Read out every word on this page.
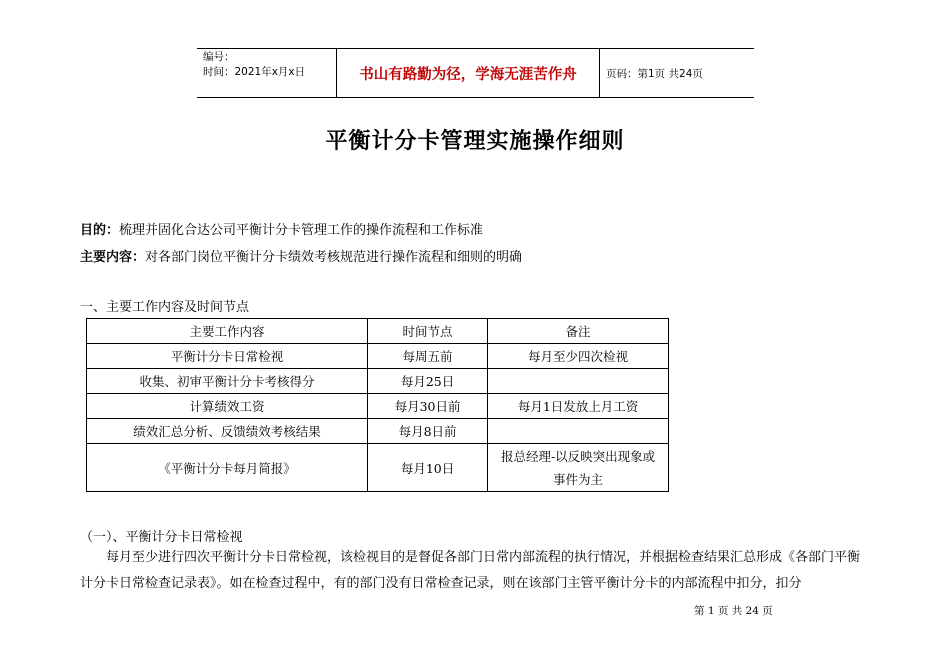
编号：
时间：2021年x月x日	书山有路勤为径，学海无涯苦作舟	页码：第1页 共24页
平衡计分卡管理实施操作细则
目的：梳理并固化合达公司平衡计分卡管理工作的操作流程和工作标准
主要内容：对各部门岗位平衡计分卡绩效考核规范进行操作流程和细则的明确
一、主要工作内容及时间节点
主要工作内容	时间节点	备注
平衡计分卡日常检视	每周五前	每月至少四次检视
收集、初审平衡计分卡考核得分	每月25日	
计算绩效工资	每月30日前	每月1日发放上月工资
绩效汇总分析、反馈绩效考核结果	每月8日前	
《平衡计分卡每月简报》	每月10日	报总经理-以反映突出现象或事件为主
（一）、平衡计分卡日常检视
每月至少进行四次平衡计分卡日常检视，该检视目的是督促各部门日常内部流程的执行情况，并根据检查结果汇总形成《各部门平衡计分卡日常检查记录表》。如在检查过程中，有的部门没有日常检查记录，则在该部门主管平衡计分卡的内部流程中扣分，扣分
第 1 页 共 24 页
